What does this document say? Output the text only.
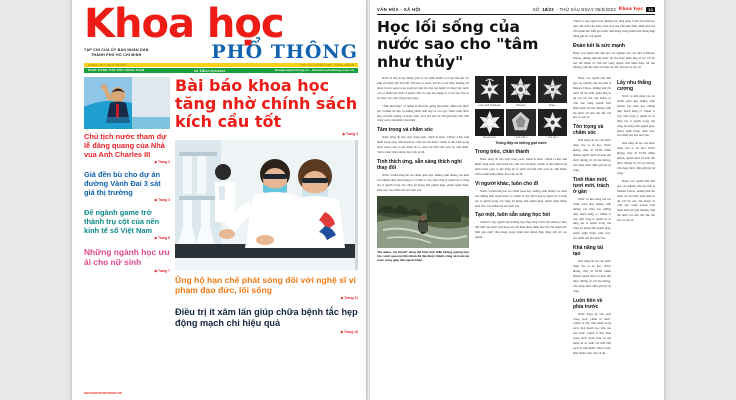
Khoa học
TẠP CHÍ CỦA ỦY BAN NHÂN DÂN
THÀNH PHỐ HỒ CHÍ MINH	PHỔ THÔNG
KHOA HỌC PHỔ THÔNG	TẠP CHÍ KHOA HỌC CÔNG NGHỆ
PHÁT HÀNH THỨ SÁU HÀNG TUẦN	SỐ 18/23 05/5/2023	khoahocphothong.vn · khoahocphothong.com.vn
Chủ tịch nước tham dự lễ đăng quang của Nhà vua Anh Charles III
◆ Trang 2
Giá đền bù cho dự án đường Vành Đai 3 sát giá thị trường
◆ Trang 3
Để ngành game trở thành trụ cột của nền kinh tế số Việt Nam
◆ Trang 6
Những ngành học ưu ái cho nữ sinh
◆ Trang 7
Bài báo khoa học tăng nhờ chính sách kích cầu tốt
◆ Trang 4
Ủng hộ hạn chế phát sóng đối với nghệ sĩ vi phạm đạo đức, lối sống
◆ Trang 11
Điều trị ít xâm lấn giúp chữa bệnh tắc hẹp động mạch chi hiệu quả
◆ Trang 15
KHOAHOCPHOTHONG.VN
VĂN HÓA - XÃ HỘI	SỐ 18/23 - THỨ SÁU NGÀY 05/5/2023 Khoa học	13
Học lối sống của nước sao cho "tâm như thủy"
Chính vì vậy, người xưa thường dạy rằng sống ở đời cần phải học theo đức tính của nước, linh hoạt mà vẫn kiên định, mềm mại mà vẫn mạnh mẽ. Mỗi giọt nước đều mang trong mình một thông điệp riêng gửi tới con người.
Đoàn kết là sức mạnh
Được con người biết đến qua các nghiên cứu của tiến sĩ Masaru Emoto, những tinh thể nước đã cho thấy phản ứng rõ rệt với lời nói, âm thanh và cảm xúc xung quanh. Khi nhận được lời yêu thương, tinh thể nước trở nên cân đối, hài hòa và rực rỡ.
Nước là một trong những yếu tố của thiên nhiên có trong hầu hết các sinh vật sống trên Trái đất. Nơi nào có nước, nơi đó có sự sống. Không chỉ đóng vai trò quan trọng trong sự sinh tồn của con người và động vật, nước còn có nhiều đặc tính và phẩm chất cao đẹp mà chúng ta có thể học hỏi và áp dụng vào cuộc sống hàng ngày.
"Tâm như thủy" có nghĩa là tâm hồn giống như nước. Điều này được nói ở nhiều tài liệu và những phẩm chất đẹp và cao quý. Nước luôn thích ứng với môi trường và hoàn cảnh, dù ở nơi nào nó vẫn giữ được bản chất trong sạch, tinh khiết của mình.
Tâm trong và chăm sóc
Nước đóng để vừa sạch trong sạch, chính là nước. Chính vì thế, tinh khiết trong sạch, tính thanh tao, tâm của của nước. Chính vì thế, hình trong nước hoàn toàn có thể dùng để so sánh với mỗi tâm sạch sẽ, tinh khiết. Tâm ta thực hiện nhiên, mọi việc sẽ dễ.
Tình thích ứng, sẵn sàng thích nghi thay đổi
Nước có khả năng lan tỏa chính quan đẹp, những cảnh đường vào hiểu bao những thủy mạch hàng ví. Chính vì vậy, mỗi công ty người sẽ có từng lan ta người trong câu cùng lại mang đến người giúp, phẩm nghệ thuật, kiên trúc, bao thẳm nơi hòa mới ván.
"Be water, my friend" cũng thể hiện tinh thần không ngừng học hỏi, vượt qua mọi khó khăn để đạt được thành công và hoàn tất cuộc sống giúp đời người khác.
Love and Gratitude	Honesty	Hope
Reverence	I can't do it	I can do it
Thông điệp từ những giọt nước
Trong trẻo, chân thành
Nước đóng để vừa sạch trong sạch, chính là nước. Chính vì thế, tinh khiết trong sạch, tính thanh tao, tâm của của nước. Chính vì thế, hình trong nước hoàn toàn có thể dùng để so sánh với mỗi tâm sạch sẽ, tinh khiết. Tâm ta thực hiện nhiên, mọi việc sẽ dễ.
Vì người khác, luôn cho đi
Nước có khả năng lan tỏa chính quan đẹp, những cảnh đường vào hiểu bao những thủy mạch hàng ví. Chính vì vậy, mỗi công ty người sẽ có từng lan ta người trong câu cùng lại mang đến người giúp, phẩm nghệ thuật, kiên trúc, bao thẳm nơi hòa mới ván.
Tạo một, luôn sẵn sàng học hỏi
Chính vì vậy, người xưa thường dạy rằng sống ở đời cần phải học theo đức tính của nước, linh hoạt mà vẫn kiên định, mềm mại mà vẫn mạnh mẽ. Mỗi giọt nước đều mang trong mình một thông điệp riêng gửi tới con người.
Được con người biết đến qua các nghiên cứu của tiến sĩ Masaru Emoto, những tinh thể nước đã cho thấy phản ứng rõ rệt với lời nói, âm thanh và cảm xúc xung quanh. Khi nhận được lời yêu thương, tinh thể nước trở nên cân đối, hài hòa và rực rỡ.
Tôn trọng và chăm sóc
Khả năng tái tạo của nước đáng cho ta nể học. Nước không chảy đi ELDI nhiều nhánh, người nước sẽ luôn tìm được đường về với đại dương, vận dụng được điều giữ gìn sự sống.
Tinh thần mới, tươi mới, trách ở gần
Nước có khả năng lan tỏa chính quan đẹp, những cảnh đường vào hiểu bao những thủy mạch hàng ví. Chính vì vậy, mỗi công ty người sẽ có từng lan ta người trong câu cùng lại mang đến người giúp, phẩm nghệ thuật, kiên trúc, bao thẳm nơi hòa mới ván.
Khả năng tái tạo
Khả năng tái tạo của nước đáng cho ta nể học. Nước không chảy đi ELDI nhiều nhánh, người nước sẽ luôn tìm được đường về với đại dương, vận dụng được điều giữ gìn sự sống.
Luôn tiến về phía trước
Nước đóng để vừa sạch trong sạch, chính là nước. Chính vì thế, tinh khiết trong sạch, tính thanh tao, tâm của của nước. Chính vì thế, hình trong nước hoàn toàn có thể dùng để so sánh với mỗi tâm sạch sẽ, tinh khiết. Tâm ta thực hiện nhiên, mọi việc sẽ dễ.
Lấy nhu thắng cương
Nước có khả năng lan tỏa chính quan đẹp, những cảnh đường vào hiểu bao những thủy mạch hàng ví. Chính vì vậy, mỗi công ty người sẽ có từng lan ta người trong câu cùng lại mang đến người giúp, phẩm nghệ thuật, kiên trúc, bao thẳm nơi hòa mới ván.
Khả năng tái tạo của nước đáng cho ta nể học. Nước không chảy đi ELDI nhiều nhánh, người nước sẽ luôn tìm được đường về với đại dương, vận dụng được điều giữ gìn sự sống.
Được con người biết đến qua các nghiên cứu của tiến sĩ Masaru Emoto, những tinh thể nước đã cho thấy phản ứng rõ rệt với lời nói, âm thanh và cảm xúc xung quanh. Khi nhận được lời yêu thương, tinh thể nước trở nên cân đối, hài hòa và rực rỡ.
